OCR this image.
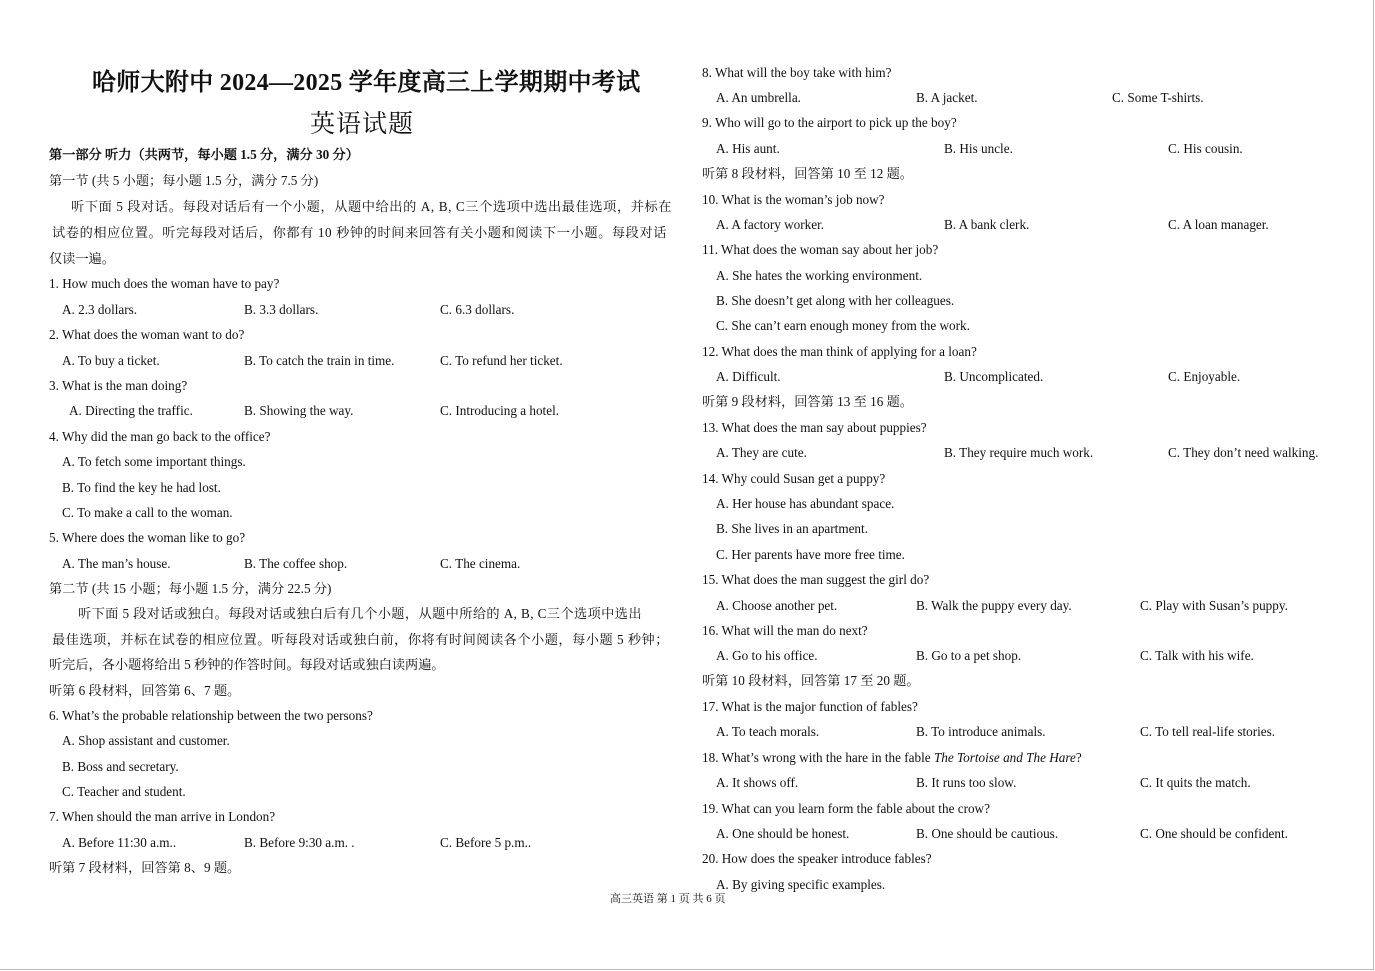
哈师大附中 2024—2025 学年度高三上学期期中考试
英语试题
第一部分 听力（共两节，每小题 1.5 分，满分 30 分）
第一节 (共 5 小题；每小题 1.5 分，满分 7.5 分)
听下面 5 段对话。每段对话后有一个小题，从题中给出的 A, B, C三个选项中选出最佳选项，并标在
试卷的相应位置。听完每段对话后，你都有 10 秒钟的时间来回答有关小题和阅读下一小题。每段对话
仅读一遍。
1. How much does the woman have to pay?
A. 2.3 dollars.	B. 3.3 dollars.	C. 6.3 dollars.
2. What does the woman want to do?
A. To buy a ticket.	B. To catch the train in time.	C. To refund her ticket.
3. What is the man doing?
A. Directing the traffic.	B. Showing the way.	C. Introducing a hotel.
4. Why did the man go back to the office?
A. To fetch some important things.
B. To find the key he had lost.
C. To make a call to the woman.
5. Where does the woman like to go?
A. The man’s house.	B. The coffee shop.	C. The cinema.
第二节 (共 15 小题；每小题 1.5 分，满分 22.5 分)
听下面 5 段对话或独白。每段对话或独白后有几个小题，从题中所给的 A, B, C三个选项中选出
最佳选项，并标在试卷的相应位置。听每段对话或独白前，你将有时间阅读各个小题，每小题 5 秒钟；
听完后，各小题将给出 5 秒钟的作答时间。每段对话或独白读两遍。
听第 6 段材料，回答第 6、7 题。
6. What’s the probable relationship between the two persons?
A. Shop assistant and customer.
B. Boss and secretary.
C. Teacher and student.
7. When should the man arrive in London?
A. Before 11:30 a.m..	B. Before 9:30 a.m. .	C. Before 5 p.m..
听第 7 段材料，回答第 8、9 题。
8. What will the boy take with him?
A. An umbrella.	B. A jacket.	C. Some T-shirts.
9. Who will go to the airport to pick up the boy?
A. His aunt.	B. His uncle.	C. His cousin.
听第 8 段材料，回答第 10 至 12 题。
10. What is the woman’s job now?
A. A factory worker.	B. A bank clerk.	C. A loan manager.
11. What does the woman say about her job?
A. She hates the working environment.
B. She doesn’t get along with her colleagues.
C. She can’t earn enough money from the work.
12. What does the man think of applying for a loan?
A. Difficult.	B. Uncomplicated.	C. Enjoyable.
听第 9 段材料，回答第 13 至 16 题。
13. What does the man say about puppies?
A. They are cute.	B. They require much work.	C. They don’t need walking.
14. Why could Susan get a puppy?
A. Her house has abundant space.
B. She lives in an apartment.
C. Her parents have more free time.
15. What does the man suggest the girl do?
A. Choose another pet.	B. Walk the puppy every day.	C. Play with Susan’s puppy.
16. What will the man do next?
A. Go to his office.	B. Go to a pet shop.	C. Talk with his wife.
听第 10 段材料，回答第 17 至 20 题。
17. What is the major function of fables?
A. To teach morals.	B. To introduce animals.	C. To tell real-life stories.
18. What’s wrong with the hare in the fable The Tortoise and The Hare?
A. It shows off.	B. It runs too slow.	C. It quits the match.
19. What can you learn form the fable about the crow?
A. One should be honest.	B. One should be cautious.	C. One should be confident.
20. How does the speaker introduce fables?
A. By giving specific examples.
高三英语 第 1 页 共 6 页
